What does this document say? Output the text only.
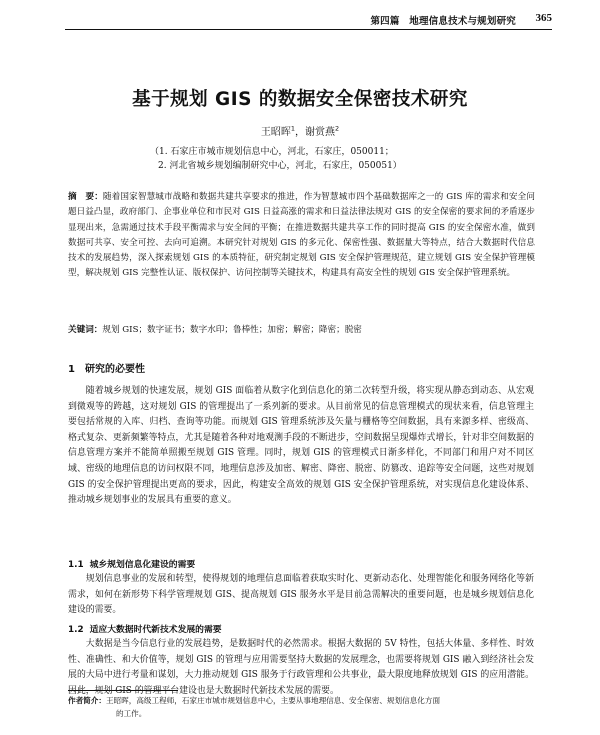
第四篇　地理信息技术与规划研究 365
基于规划 GIS 的数据安全保密技术研究
王昭晖$^1$，谢赏燕$^2$
（1. 石家庄市城市规划信息中心，河北，石家庄，050011；
2. 河北省城乡规划编制研究中心，河北，石家庄，050051）
摘　要：随着国家智慧城市战略和数据共建共享要求的推进，作为智慧城市四个基础数据库之一的 GIS 库的需求和安全问题日益凸显，政府部门、企事业单位和市民对 GIS 日益高涨的需求和日益法律法规对 GIS 的安全保密的要求间的矛盾逐步显现出来，急需通过技术手段平衡需求与安全间的平衡；在推进数据共建共享工作的同时提高 GIS 的安全保密水准，做到数据可共享、安全可控、去向可追溯。本研究针对规划 GIS 的多元化、保密性强、数据量大等特点，结合大数据时代信息技术的发展趋势，深入探索规划 GIS 的本质特征，研究制定规划 GIS 安全保护管理规范，建立规划 GIS 安全保护管理模型，解决规划 GIS 完整性认证、版权保护、访问控制等关键技术，构建具有高安全性的规划 GIS 安全保护管理系统。
关键词：规划 GIS；数字证书；数字水印；鲁棒性；加密；解密；降密；脱密
1 研究的必要性

随着城乡规划的快速发展，规划 GIS 面临着从数字化到信息化的第二次转型升级，将实现从静态到动态、从宏观到微观等的跨越，这对规划 GIS 的管理提出了一系列新的要求。从目前常见的信息管理模式的现状来看，信息管理主要包括常规的入库、归档、查询等功能。而规划 GIS 管理系统涉及矢量与栅格等空间数据，具有来源多样、密级高、格式复杂、更新频繁等特点，尤其是随着各种对地观测手段的不断进步，空间数据呈现爆炸式增长，针对非空间数据的信息管理方案并不能简单照搬至规划 GIS 管理。同时，规划 GIS 的管理模式日渐多样化，不同部门和用户对不同区域、密级的地理信息的访问权限不同，地理信息涉及加密、解密、降密、脱密、防篡改、追踪等安全问题，这些对规划 GIS 的安全保护管理提出更高的要求，因此，构建安全高效的规划 GIS 安全保护管理系统，对实现信息化建设体系、推动城乡规划事业的发展具有重要的意义。

1.1 城乡规划信息化建设的需要

规划信息事业的发展和转型，使得规划的地理信息面临着获取实时化、更新动态化、处理智能化和服务网络化等新需求，如何在新形势下科学管理规划 GIS、提高规划 GIS 服务水平是目前急需解决的重要问题，也是城乡规划信息化建设的需要。

1.2 适应大数据时代新技术发展的需要

大数据是当今信息行业的发展趋势，是数据时代的必然需求。根据大数据的 5V 特性，包括大体量、多样性、时效性、准确性、和大价值等，规划 GIS 的管理与应用需要坚持大数据的发展理念，也需要将规划 GIS 融入到经济社会发展的大局中进行考量和谋划，大力推动规划 GIS 服务于行政管理和公共事业，最大限度地释放规划 GIS 的应用潜能。因此，规划 GIS 的管理平台建设也是大数据时代新技术发展的需要。

作者简介：王昭晖，高级工程师，石家庄市城市规划信息中心，主要从事地理信息、安全保密、规划信息化方面
的工作。
